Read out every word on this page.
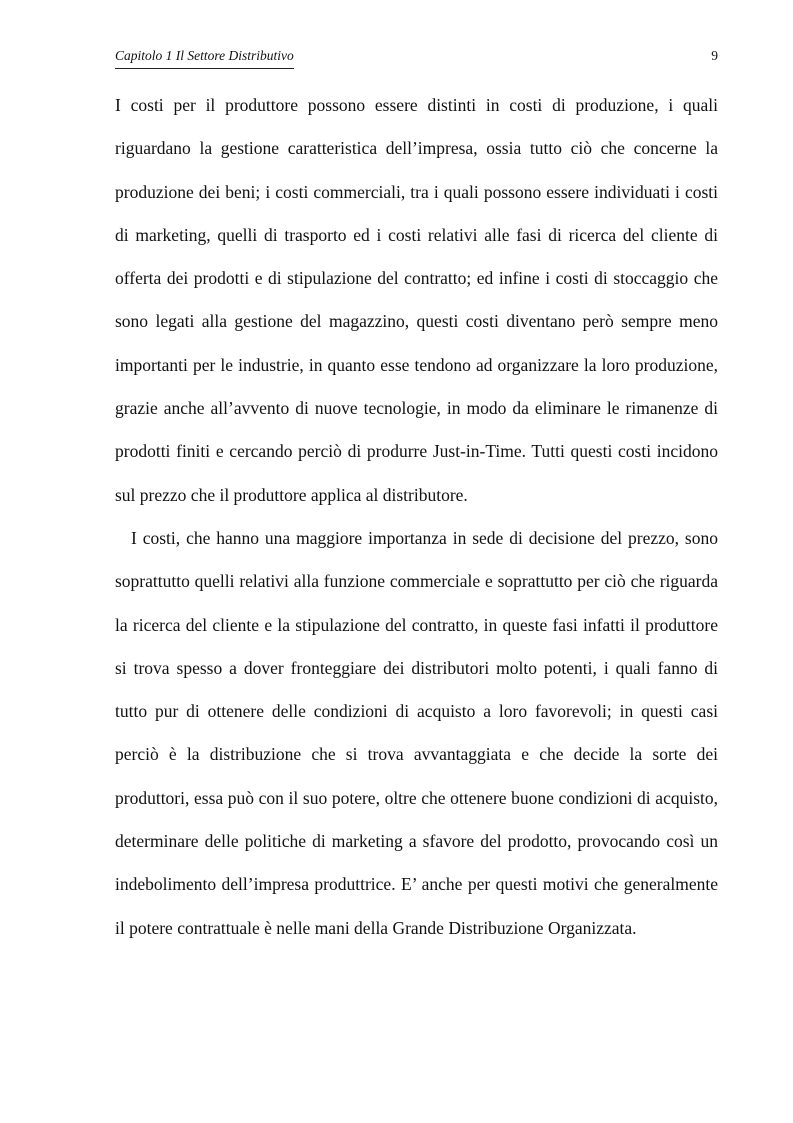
Capitolo 1 Il Settore Distributivo	9

I costi per il produttore possono essere distinti in costi di produzione, i quali riguardano la gestione caratteristica dell’impresa, ossia tutto ciò che concerne la produzione dei beni; i costi commerciali, tra i quali possono essere individuati i costi di marketing, quelli di trasporto ed i costi relativi alle fasi di ricerca del cliente di offerta dei prodotti e di stipulazione del contratto; ed infine i costi di stoccaggio che sono legati alla gestione del magazzino, questi costi diventano però sempre meno importanti per le industrie, in quanto esse tendono ad organizzare la loro produzione, grazie anche all’avvento di nuove tecnologie, in modo da eliminare le rimanenze di prodotti finiti e cercando perciò di produrre Just-in-Time. Tutti questi costi incidono sul prezzo che il produttore applica al distributore.

I costi, che hanno una maggiore importanza in sede di decisione del prezzo, sono soprattutto quelli relativi alla funzione commerciale e soprattutto per ciò che riguarda la ricerca del cliente e la stipulazione del contratto, in queste fasi infatti il produttore si trova spesso a dover fronteggiare dei distributori molto potenti, i quali fanno di tutto pur di ottenere delle condizioni di acquisto a loro favorevoli; in questi casi perciò è la distribuzione che si trova avvantaggiata e che decide la sorte dei produttori, essa può con il suo potere, oltre che ottenere buone condizioni di acquisto, determinare delle politiche di marketing a sfavore del prodotto, provocando così un indebolimento dell’impresa produttrice. E’ anche per questi motivi che generalmente il potere contrattuale è nelle mani della Grande Distribuzione Organizzata.
